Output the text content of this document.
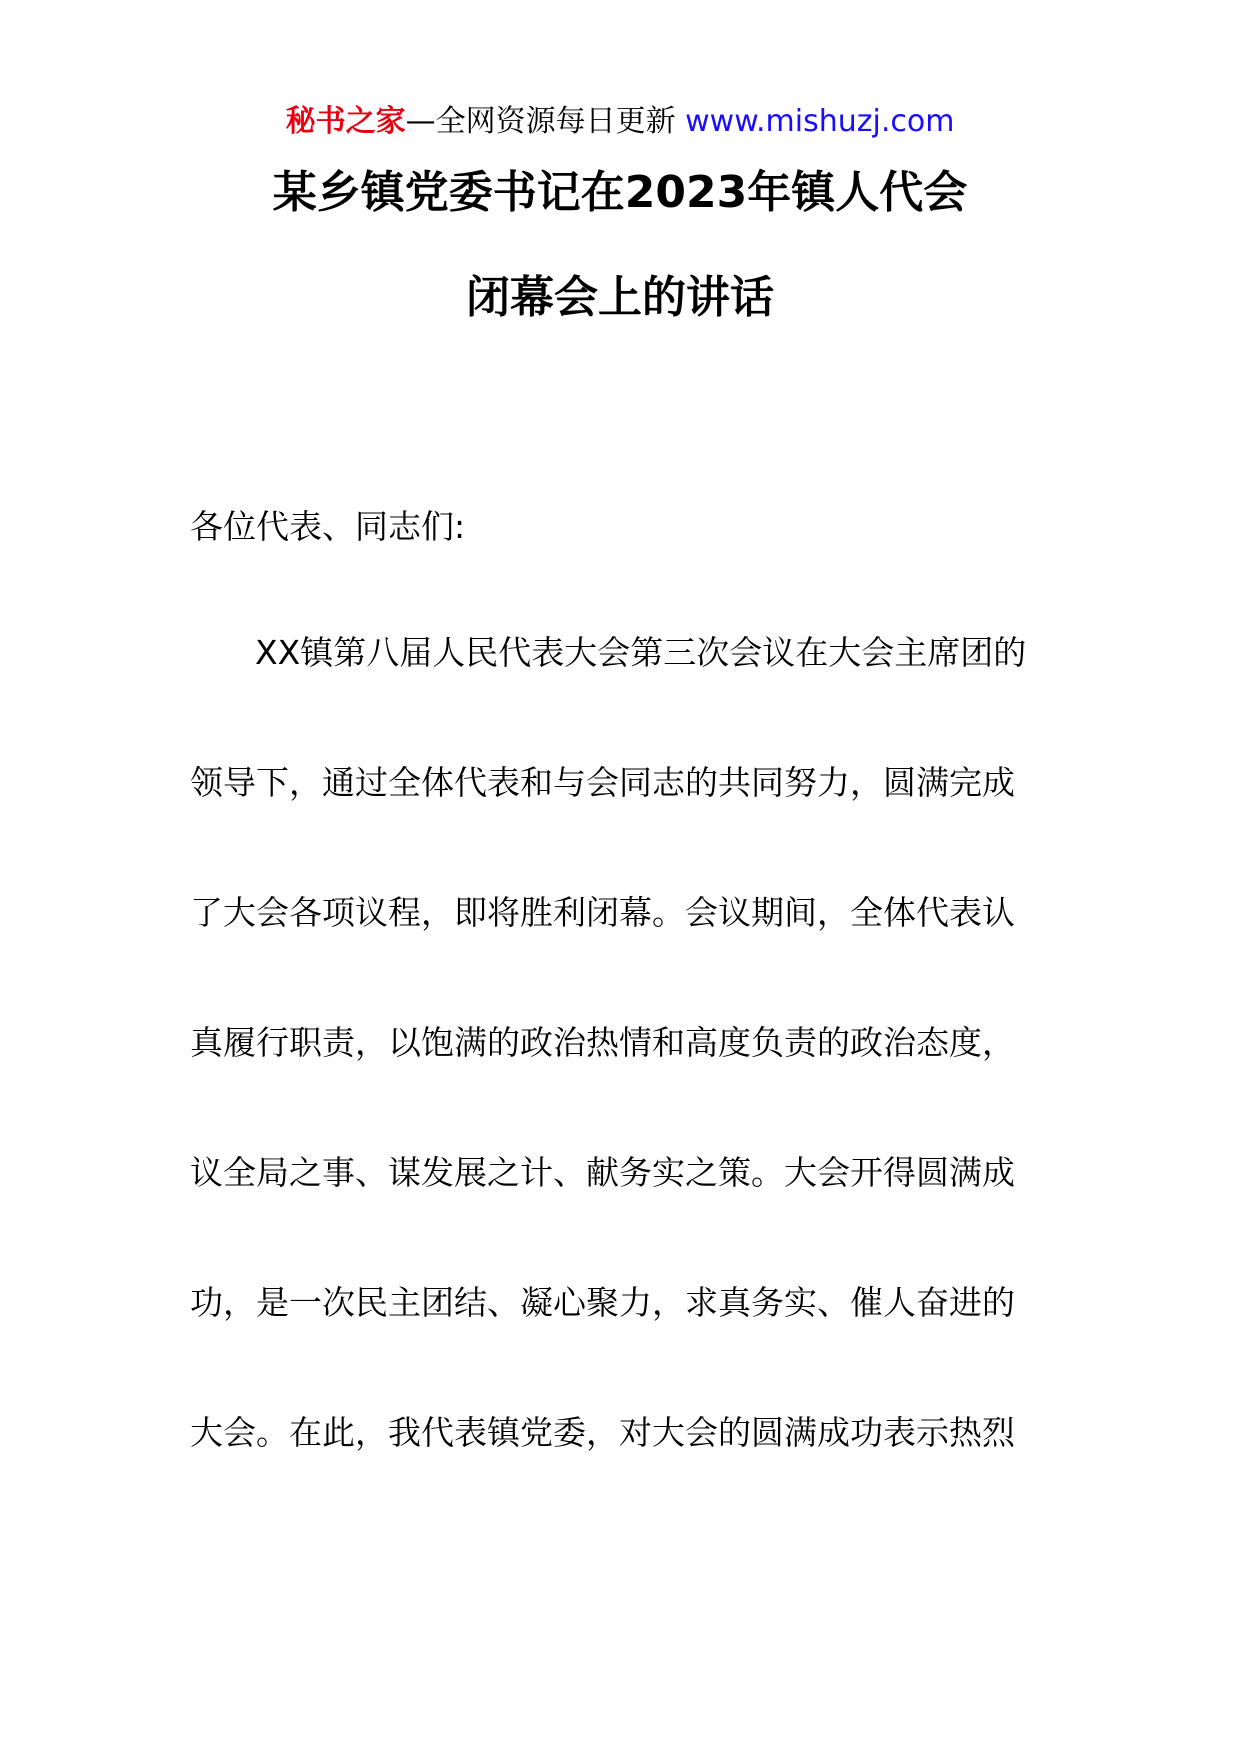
秘书之家—全网资源每日更新 www.mishuzj.com
某乡镇党委书记在2023年镇人代会
闭幕会上的讲话
各位代表、同志们:
XX镇第八届人民代表大会第三次会议在大会主席团的
领导下，通过全体代表和与会同志的共同努力，圆满完成
了大会各项议程，即将胜利闭幕。会议期间，全体代表认
真履行职责，以饱满的政治热情和高度负责的政治态度，
议全局之事、谋发展之计、献务实之策。大会开得圆满成
功，是一次民主团结、凝心聚力，求真务实、催人奋进的
大会。在此，我代表镇党委，对大会的圆满成功表示热烈
